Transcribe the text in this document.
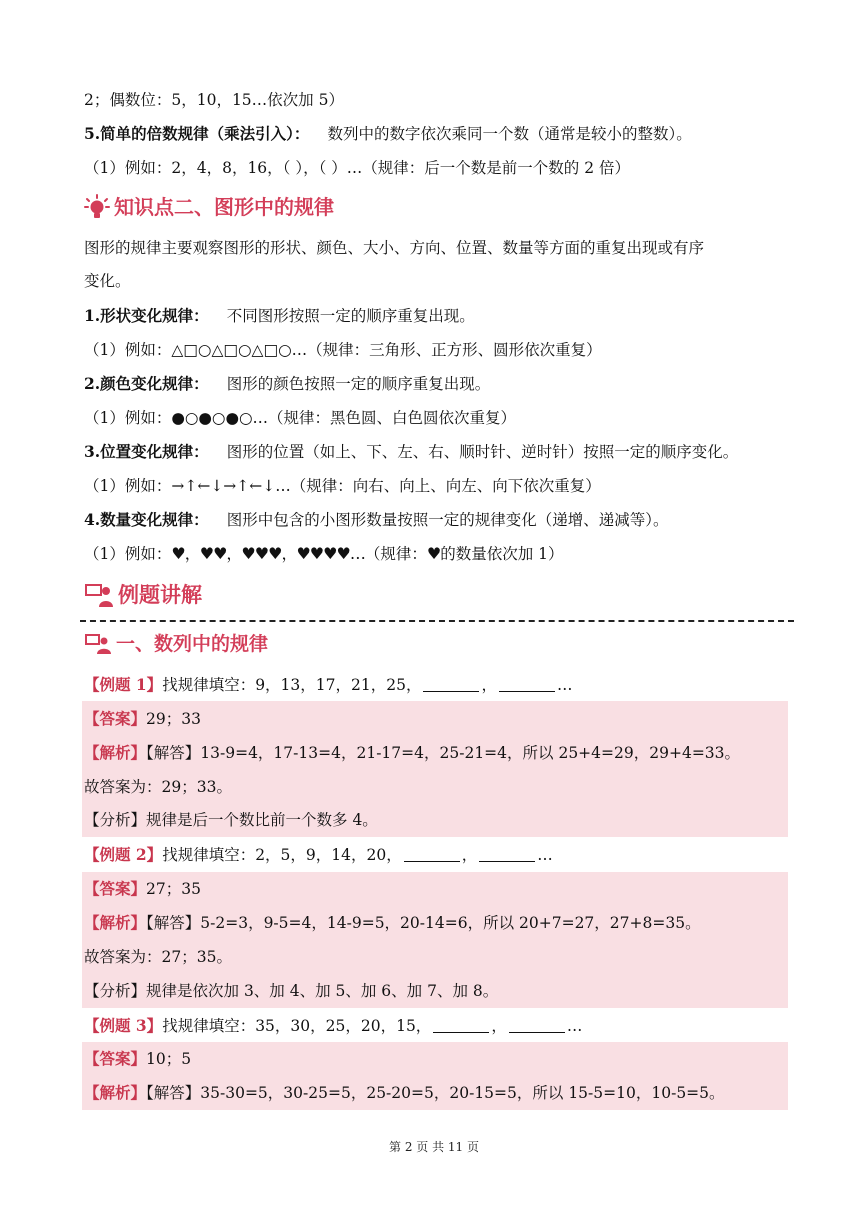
2；偶数位：5，10，15…依次加 5）
5.简单的倍数规律（乘法引入）： 数列中的数字依次乘同一个数（通常是较小的整数）。
（1）例如：2，4，8，16，（ ），（ ）…（规律：后一个数是前一个数的 2 倍）
知识点二、图形中的规律
图形的规律主要观察图形的形状、颜色、大小、方向、位置、数量等方面的重复出现或有序
变化。
1.形状变化规律： 不同图形按照一定的顺序重复出现。
（1）例如：△□○△□○△□○…（规律：三角形、正方形、圆形依次重复）
2.颜色变化规律： 图形的颜色按照一定的顺序重复出现。
（1）例如：●○●○●○…（规律：黑色圆、白色圆依次重复）
3.位置变化规律： 图形的位置（如上、下、左、右、顺时针、逆时针）按照一定的顺序变化。
（1）例如：→↑←↓→↑←↓…（规律：向右、向上、向左、向下依次重复）
4.数量变化规律： 图形中包含的小图形数量按照一定的规律变化（递增、递减等）。
（1）例如：♥，♥♥，♥♥♥，♥♥♥♥…（规律：♥的数量依次加 1）
例题讲解
一、数列中的规律
【例题 1】找规律填空：9，13，17，21，25，	，	…
【答案】29；33
【解析】【解答】13-9=4，17-13=4，21-17=4，25-21=4，所以 25+4=29，29+4=33。
故答案为：29；33。
【分析】规律是后一个数比前一个数多 4。
【例题 2】找规律填空：2，5，9，14，20，	，	…
【答案】27；35
【解析】【解答】5-2=3，9-5=4，14-9=5，20-14=6，所以 20+7=27，27+8=35。
故答案为：27；35。
【分析】规律是依次加 3、加 4、加 5、加 6、加 7、加 8。
【例题 3】找规律填空：35，30，25，20，15，	，	…
【答案】10；5
【解析】【解答】35-30=5，30-25=5，25-20=5，20-15=5，所以 15-5=10，10-5=5。
第 2 页 共 11 页
